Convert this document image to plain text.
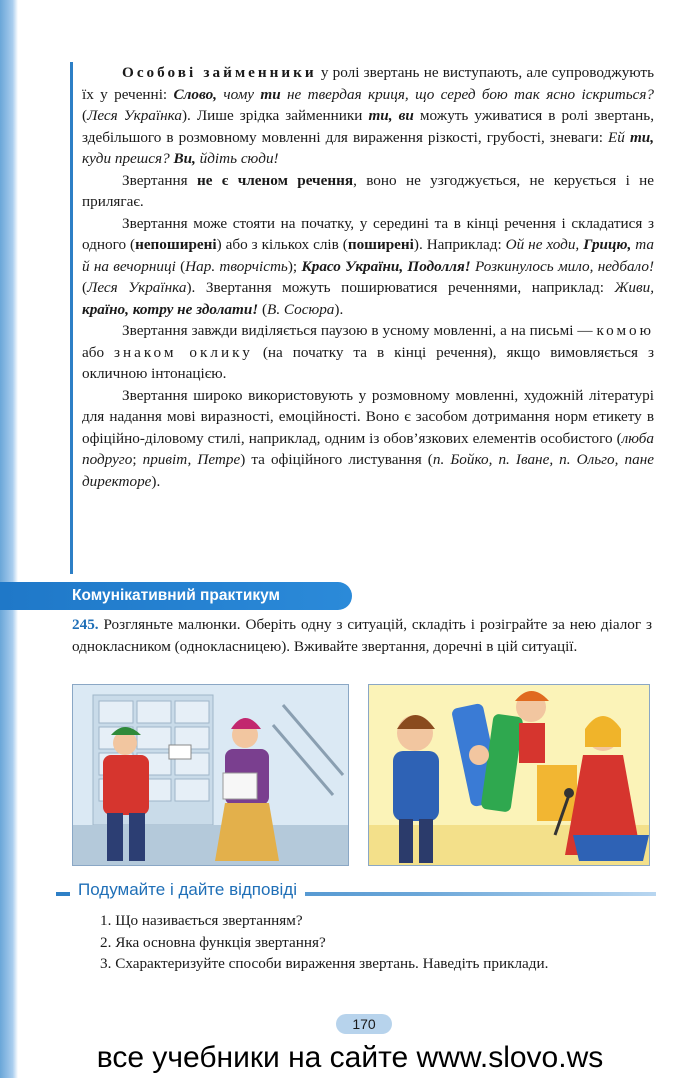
Особові займенники у ролі звертань не виступають, але супроводжують їх у реченні: Слово, чому ти не твердая криця, що серед бою так ясно іскриться? (Леся Українка). Лише зрідка займенники ти, ви можуть уживатися в ролі звертань, здебільшого в розмовному мовленні для вираження різкості, грубості, зневаги: Ей ти, куди прешся? Ви, йдіть сюди!

Звертання не є членом речення, воно не узгоджується, не керується і не прилягає.

Звертання може стояти на початку, у середині та в кінці речення і складатися з одного (непоширені) або з кількох слів (поширені). Наприклад: Ой не ходи, Грицю, та й на вечорниці (Нар. творчість); Красо України, Подолля! Розкинулось мило, недбало! (Леся Українка). Звертання можуть поширюватися реченнями, наприклад: Живи, країно, котру не здолати! (В. Сосюра).

Звертання завжди виділяється паузою в усному мовленні, а на письмі — комою або знаком оклику (на початку та в кінці речення), якщо вимовляється з окличною інтонацією.

Звертання широко використовують у розмовному мовленні, художній літературі для надання мові виразності, емоційності. Воно є засобом дотримання норм етикету в офіційно-діловому стилі, наприклад, одним із обов’язкових елементів особистого (люба подруго; привіт, Петре) та офіційного листування (п. Бойко, п. Іване, п. Ольго, пане директоре).

Комунікативний практикум
245. Розгляньте малюнки. Оберіть одну з ситуацій, складіть і розіграйте за нею діалог з однокласником (однокласницею). Вживайте звертання, доречні в цій ситуації.
Подумайте і дайте відповіді

1. Що називається звертанням?

2. Яка основна функція звертання?

3. Схарактеризуйте способи вираження звертань. Наведіть приклади.

170
все учебники на сайте www.slovo.ws
